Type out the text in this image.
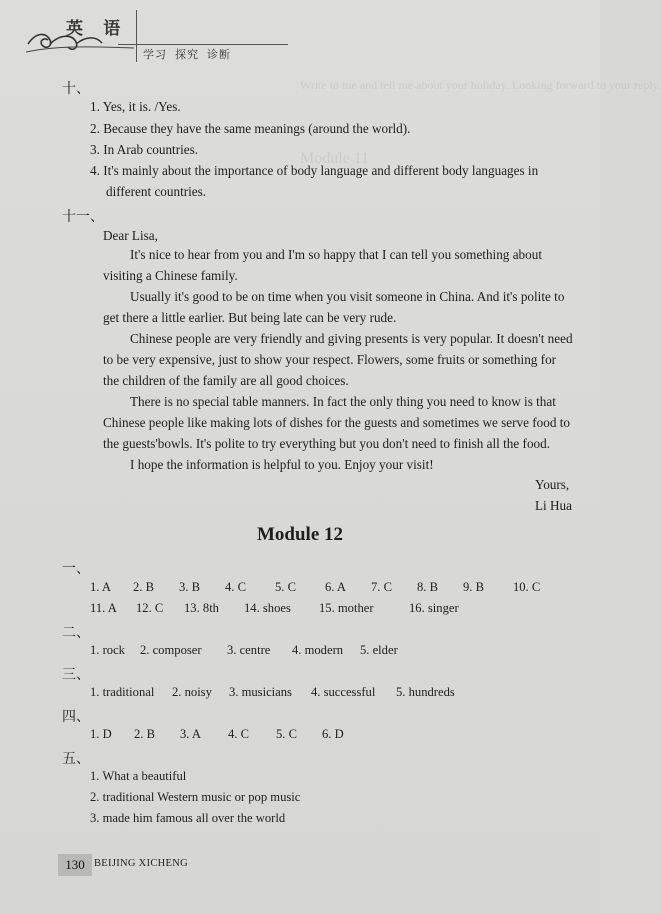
Write to me and tell me about your holiday. Looking forward to your reply.
Module 11
英 语
学习 探究 诊断
十、
1. Yes, it is. /Yes.
2. Because they have the same meanings (around the world).
3. In Arab countries.
4. It's mainly about the importance of body language and different body languages in
different countries.
十一、
Dear Lisa,
It's nice to hear from you and I'm so happy that I can tell you something about
visiting a Chinese family.
Usually it's good to be on time when you visit someone in China. And it's polite to
get there a little earlier. But being late can be very rude.
Chinese people are very friendly and giving presents is very popular. It doesn't need
to be very expensive, just to show your respect. Flowers, some fruits or something for
the children of the family are all good choices.
There is no special table manners. In fact the only thing you need to know is that
Chinese people like making lots of dishes for the guests and sometimes we serve food to
the guests'bowls. It's polite to try everything but you don't need to finish all the food.
I hope the information is helpful to you. Enjoy your visit!
Yours,
Li Hua
Module 12
一、
1. A 2. B 3. B 4. C 5. C 6. A 7. C 8. B 9. B 10. C
11. A 12. C 13. 8th 14. shoes 15. mother	16. singer
二、
1. rock 2. composer 3. centre 4. modern 5. elder
三、
1. traditional 2. noisy 3. musicians 4. successful 5. hundreds
四、
1. D 2. B 3. A 4. C 5. C 6. D
五、
1. What a beautiful
2. traditional Western music or pop music
3. made him famous all over the world
130 BEIJING XICHENG
